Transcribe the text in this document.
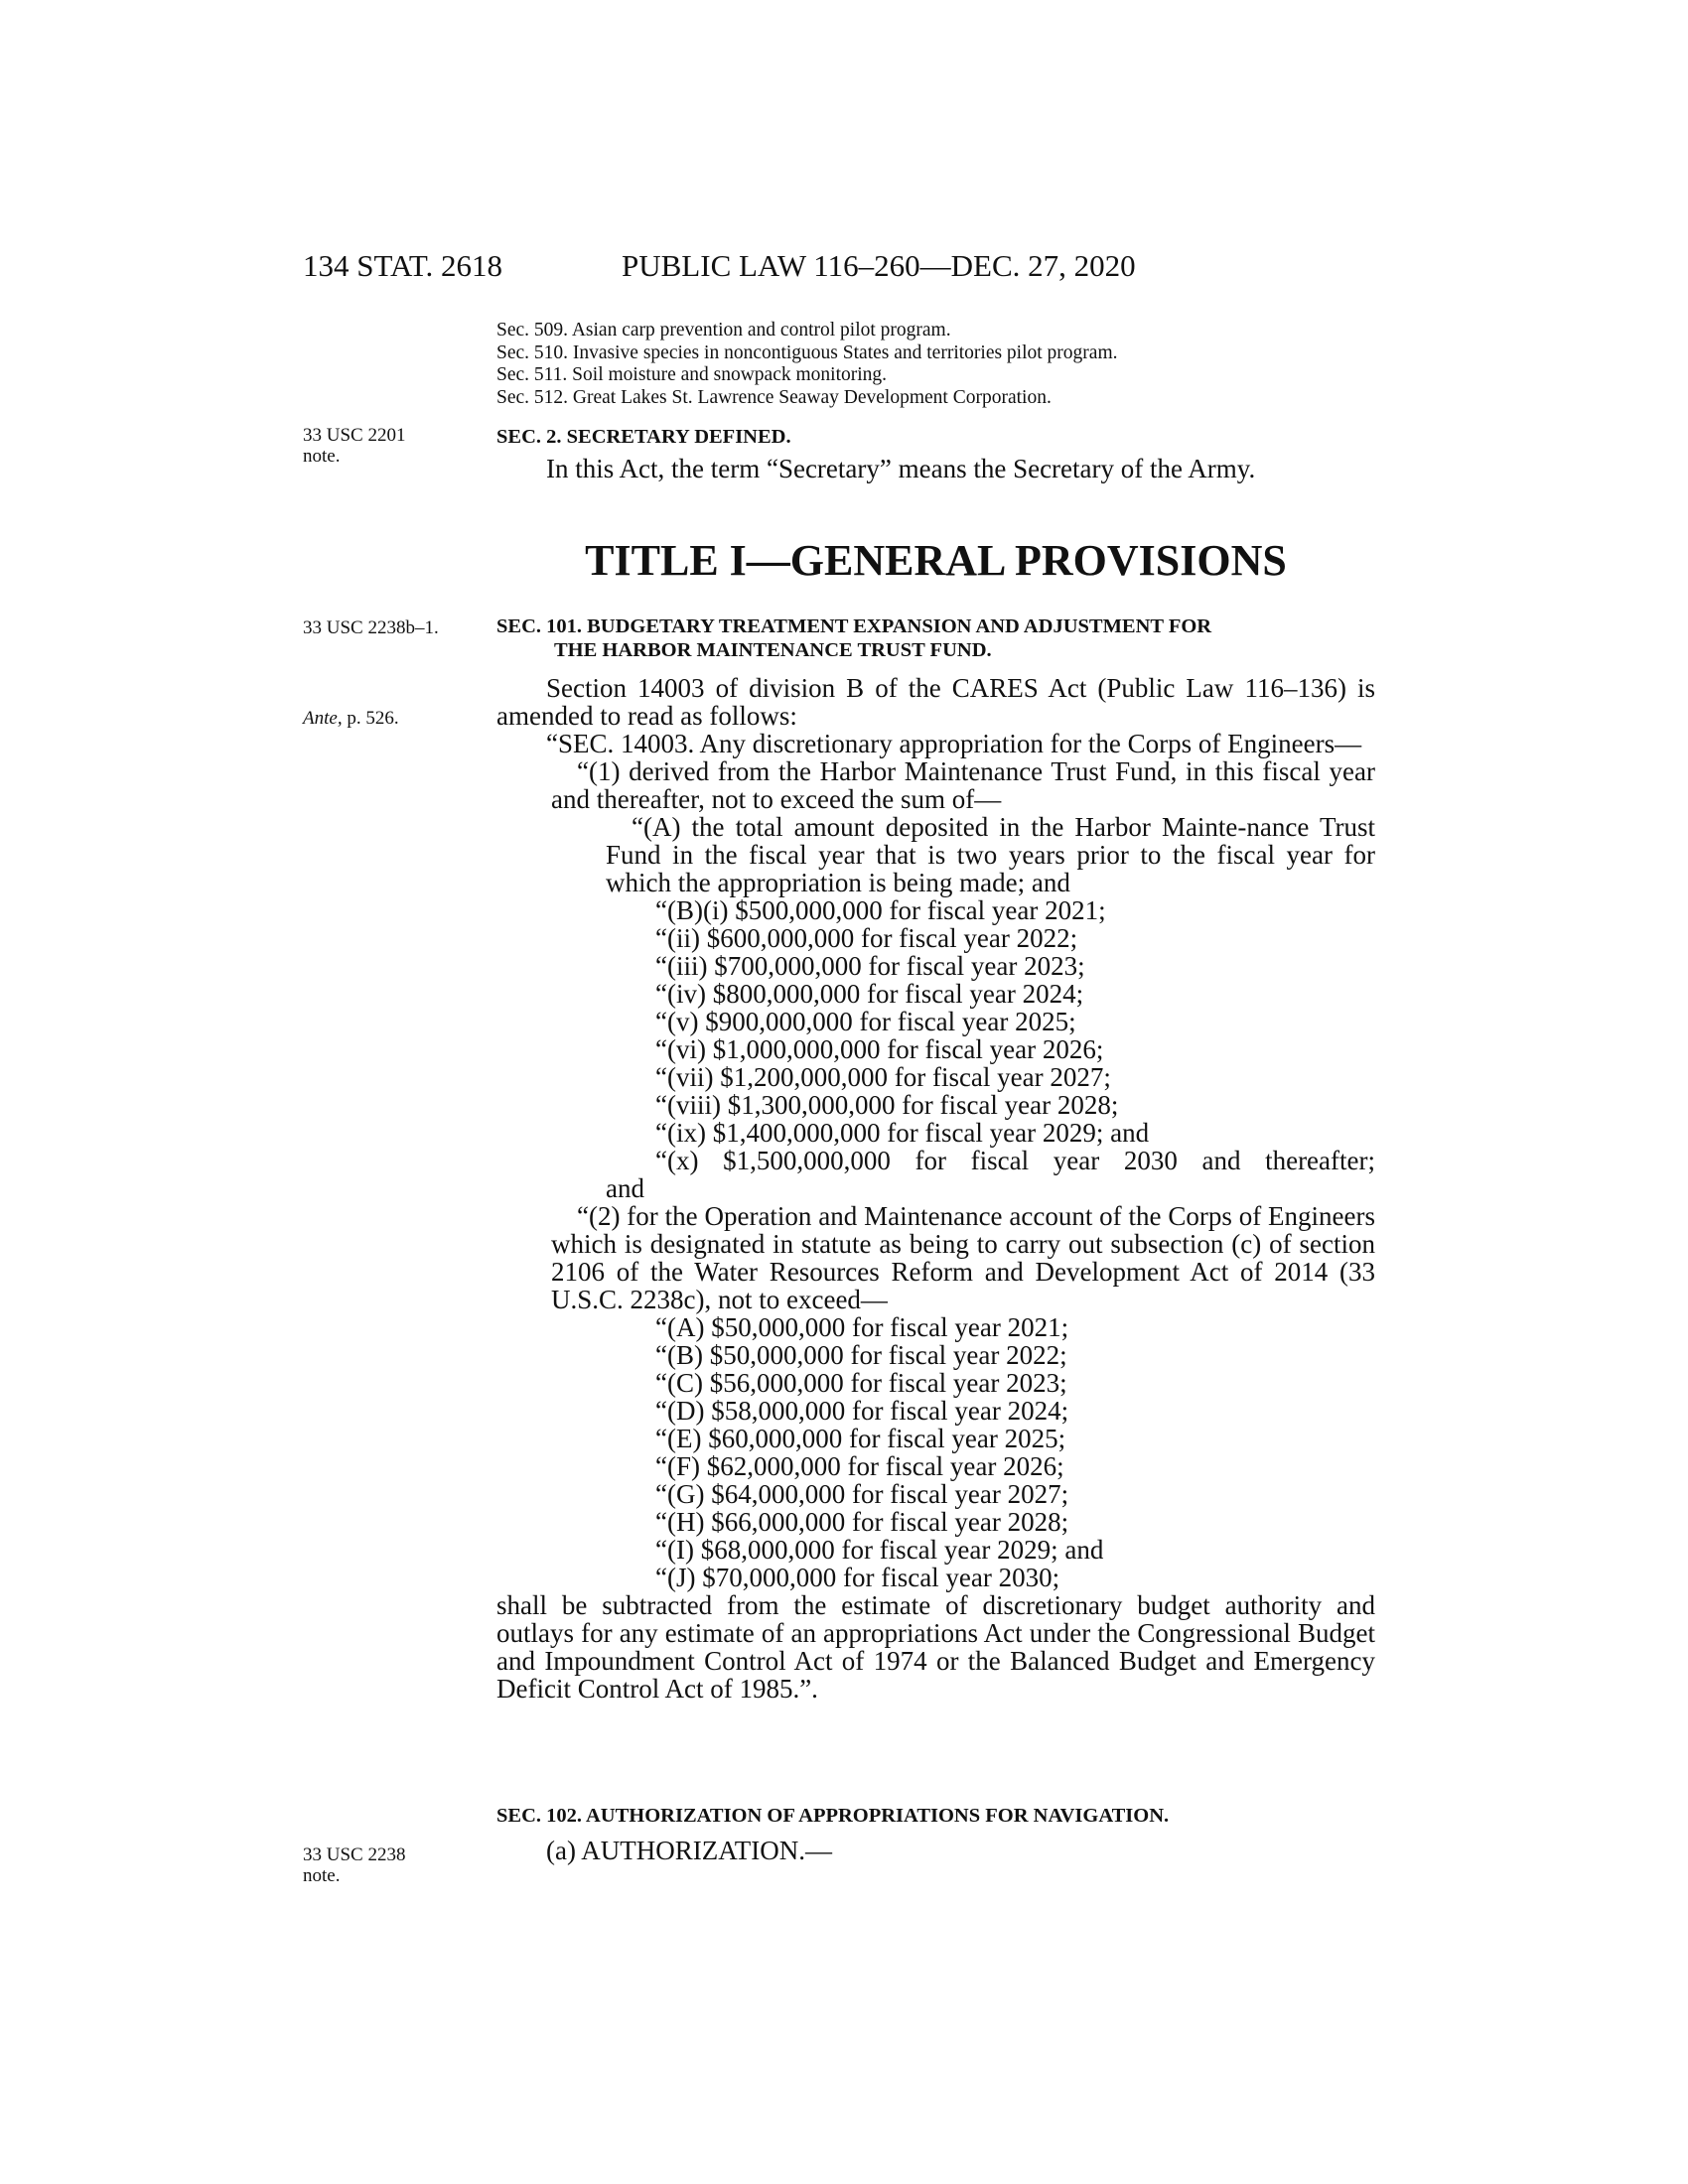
134 STAT. 2618	PUBLIC LAW 116–260—DEC. 27, 2020
Sec. 509. Asian carp prevention and control pilot program.
Sec. 510. Invasive species in noncontiguous States and territories pilot program.
Sec. 511. Soil moisture and snowpack monitoring.
Sec. 512. Great Lakes St. Lawrence Seaway Development Corporation.
33 USC 2201
note.
SEC. 2. SECRETARY DEFINED.

In this Act, the term “Secretary” means the Secretary of the Army.

TITLE I—GENERAL PROVISIONS
33 USC 2238b–1.	SEC. 101. BUDGETARY TREATMENT EXPANSION AND ADJUSTMENT FOR
THE HARBOR MAINTENANCE TRUST FUND.
Ante, p. 526.

Section 14003 of division B of the CARES Act (Public Law 116–136) is amended to read as follows:

“SEC. 14003. Any discretionary appropriation for the Corps of Engineers—

“(1) derived from the Harbor Maintenance Trust Fund, in this fiscal year and thereafter, not to exceed the sum of—

“(A) the total amount deposited in the Harbor Mainte-nance Trust Fund in the fiscal year that is two years prior to the fiscal year for which the appropriation is being made; and

“(B)(i) $500,000,000 for fiscal year 2021;

“(ii) $600,000,000 for fiscal year 2022;

“(iii) $700,000,000 for fiscal year 2023;

“(iv) $800,000,000 for fiscal year 2024;

“(v) $900,000,000 for fiscal year 2025;

“(vi) $1,000,000,000 for fiscal year 2026;

“(vii) $1,200,000,000 for fiscal year 2027;

“(viii) $1,300,000,000 for fiscal year 2028;

“(ix) $1,400,000,000 for fiscal year 2029; and

“(x) $1,500,000,000 for fiscal year 2030 and thereafter;

and

“(2) for the Operation and Maintenance account of the Corps of Engineers which is designated in statute as being to carry out subsection (c) of section 2106 of the Water Resources Reform and Development Act of 2014 (33 U.S.C. 2238c), not to exceed—

“(A) $50,000,000 for fiscal year 2021;

“(B) $50,000,000 for fiscal year 2022;

“(C) $56,000,000 for fiscal year 2023;

“(D) $58,000,000 for fiscal year 2024;

“(E) $60,000,000 for fiscal year 2025;

“(F) $62,000,000 for fiscal year 2026;

“(G) $64,000,000 for fiscal year 2027;

“(H) $66,000,000 for fiscal year 2028;

“(I) $68,000,000 for fiscal year 2029; and

“(J) $70,000,000 for fiscal year 2030;

shall be subtracted from the estimate of discretionary budget authority and outlays for any estimate of an appropriations Act under the Congressional Budget and Impoundment Control Act of 1974 or the Balanced Budget and Emergency Deficit Control Act of 1985.”.

SEC. 102. AUTHORIZATION OF APPROPRIATIONS FOR NAVIGATION.
33 USC 2238
note.

(a) AUTHORIZATION.—
